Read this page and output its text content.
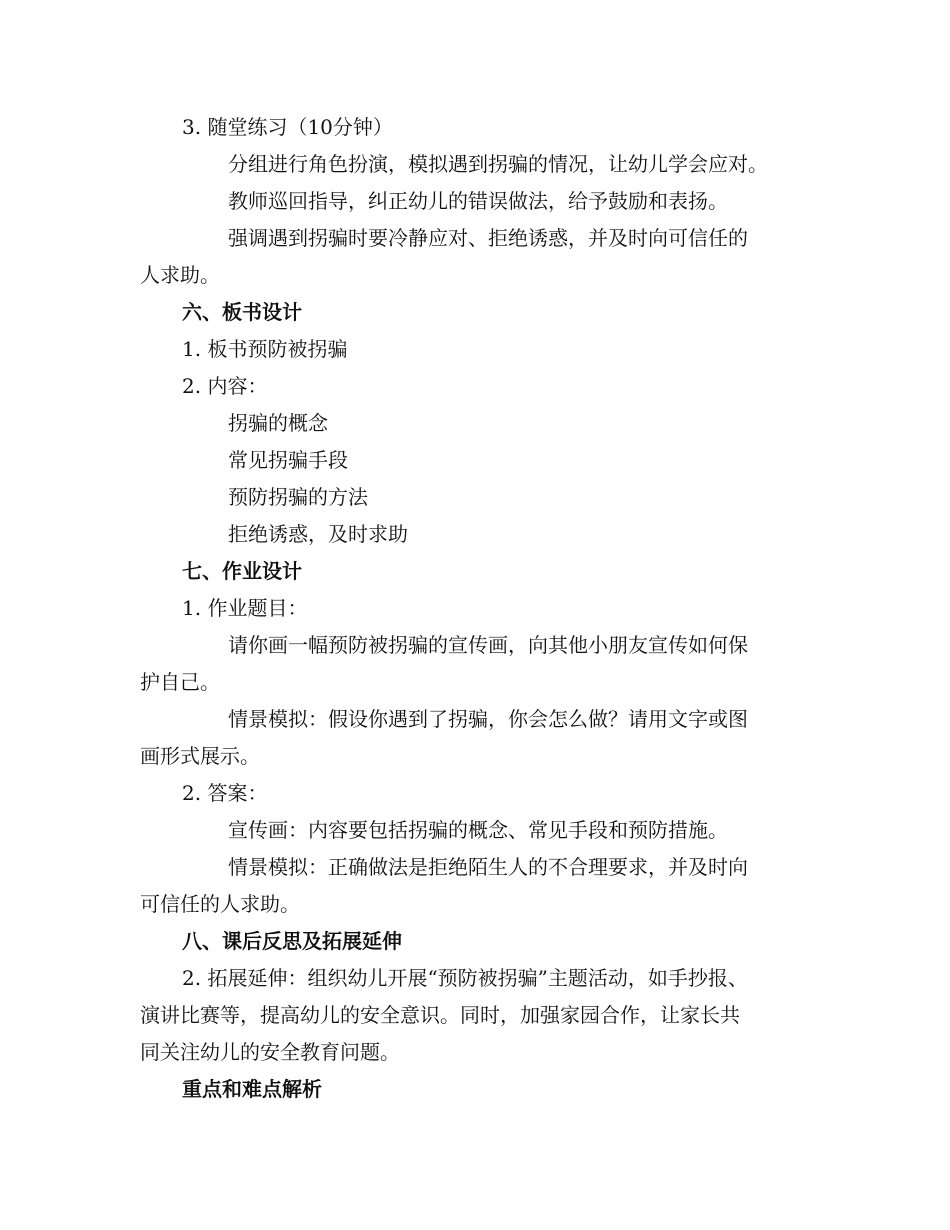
3. 随堂练习（10分钟）
分组进行角色扮演，模拟遇到拐骗的情况，让幼儿学会应对。
教师巡回指导，纠正幼儿的错误做法，给予鼓励和表扬。
强调遇到拐骗时要冷静应对、拒绝诱惑，并及时向可信任的
人求助。
六、板书设计
1. 板书预防被拐骗
2. 内容：
拐骗的概念
常见拐骗手段
预防拐骗的方法
拒绝诱惑，及时求助
七、作业设计
1. 作业题目：
请你画一幅预防被拐骗的宣传画，向其他小朋友宣传如何保
护自己。
情景模拟：假设你遇到了拐骗，你会怎么做？请用文字或图
画形式展示。
2. 答案：
宣传画：内容要包括拐骗的概念、常见手段和预防措施。
情景模拟：正确做法是拒绝陌生人的不合理要求，并及时向
可信任的人求助。
八、课后反思及拓展延伸
2. 拓展延伸：组织幼儿开展“预防被拐骗”主题活动，如手抄报、
演讲比赛等，提高幼儿的安全意识。同时，加强家园合作，让家长共
同关注幼儿的安全教育问题。
重点和难点解析
